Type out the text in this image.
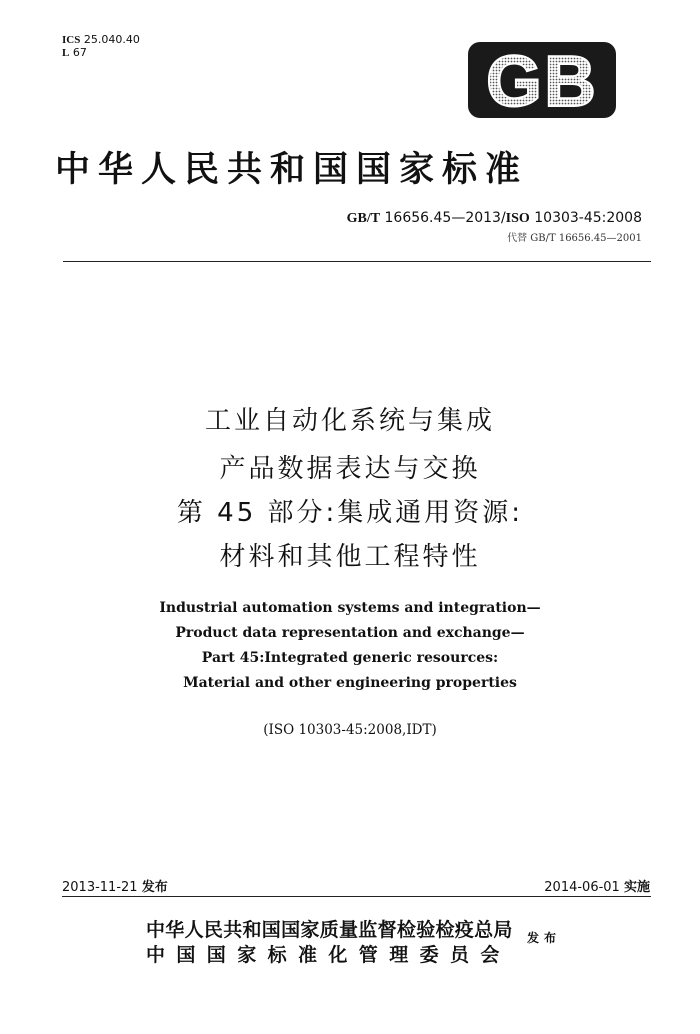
ICS 25.040.40
L 67	GB
中华人民共和国国家标准
GB/T 16656.45—2013/ISO 10303-45:2008
代替 GB/T 16656.45—2001
工业自动化系统与集成
产品数据表达与交换
第 45 部分:集成通用资源:
材料和其他工程特性
Industrial automation systems and integration—
Product data representation and exchange—
Part 45:Integrated generic resources:
Material and other engineering properties
(ISO 10303-45:2008,IDT)
2013-11-21 发布	2014-06-01 实施
中华人民共和国国家质量监督检验检疫总局
中国国家标准化管理委员会
发布
